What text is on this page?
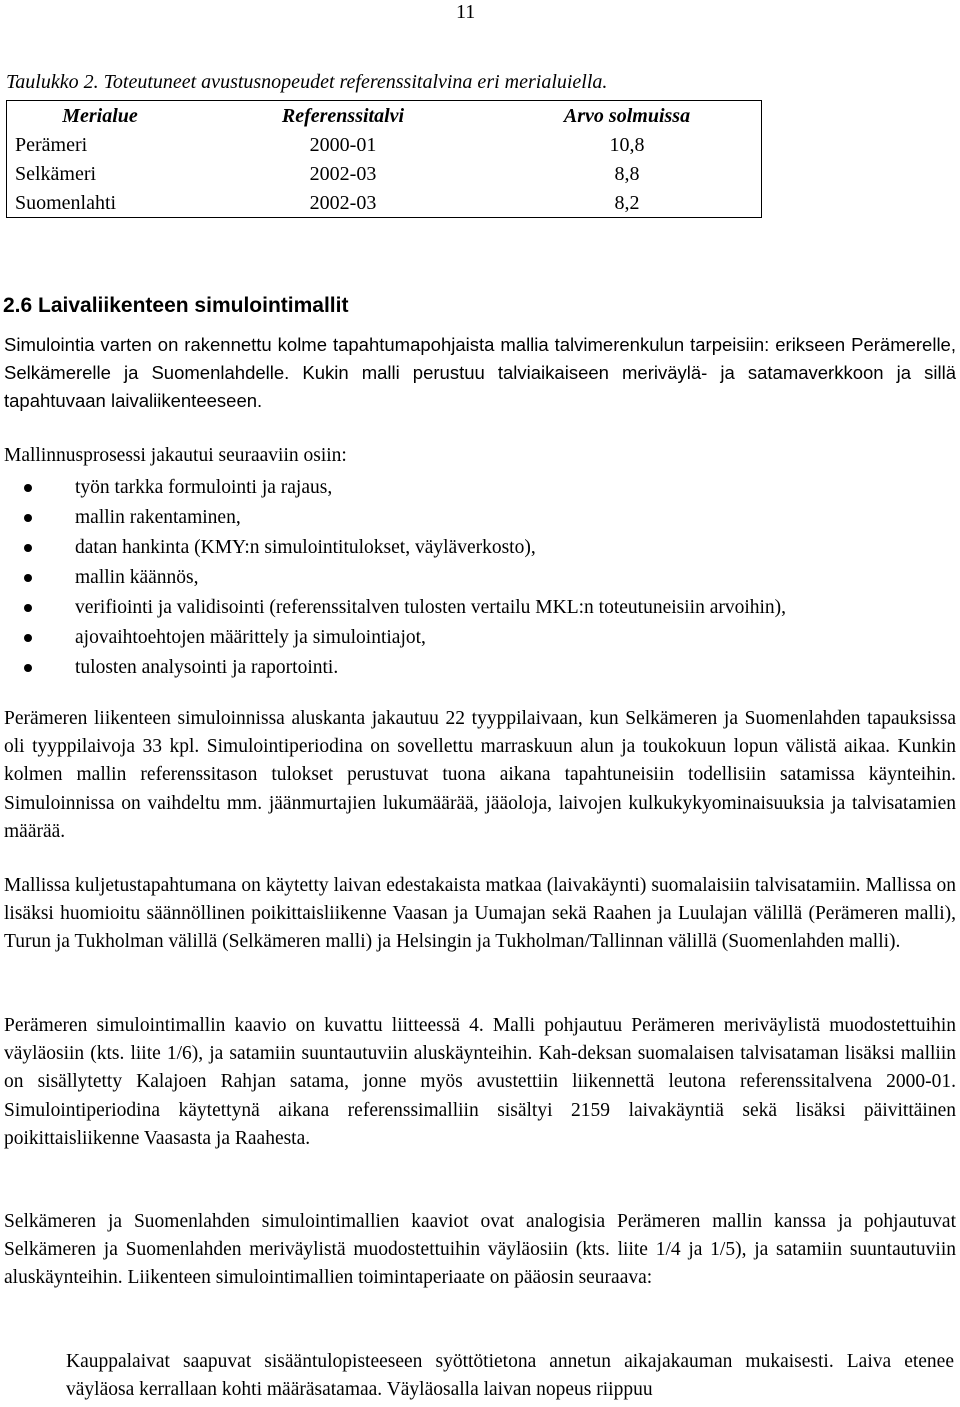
11
Taulukko 2. Toteutuneet avustusnopeudet referenssitalvina eri merialuiella.
Merialue	Referenssitalvi	Arvo solmuissa
Perämeri	2000-01	10,8
Selkämeri	2002-03	8,8
Suomenlahti	2002-03	8,2
2.6 Laivaliikenteen simulointimallit

Simulointia varten on rakennettu kolme tapahtumapohjaista mallia talvimerenkulun tarpeisiin: erikseen Perämerelle, Selkämerelle ja Suomenlahdelle. Kukin malli perustuu talviaikaiseen meriväylä- ja satamaverkkoon ja sillä tapahtuvaan laivaliikenteeseen.

Mallinnusprosessi jakautui seuraaviin osiin:

työn tarkka formulointi ja rajaus,
mallin rakentaminen,
datan hankinta (KMY:n simulointitulokset, väyläverkosto),
mallin käännös,
verifiointi ja validisointi (referenssitalven tulosten vertailu MKL:n toteutuneisiin arvoihin),
ajovaihtoehtojen määrittely ja simulointiajot,
tulosten analysointi ja raportointi.

Perämeren liikenteen simuloinnissa aluskanta jakautuu 22 tyyppilaivaan, kun Selkämeren ja Suomenlahden tapauksissa oli tyyppilaivoja 33 kpl. Simulointiperiodina on sovellettu marraskuun alun ja toukokuun lopun välistä aikaa. Kunkin kolmen mallin referenssitason tulokset perustuvat tuona aikana tapahtuneisiin todellisiin satamissa käynteihin. Simuloinnissa on vaihdeltu mm. jäänmurtajien lukumäärää, jääoloja, laivojen kulkukykyominaisuuksia ja talvisatamien määrää.

Mallissa kuljetustapahtumana on käytetty laivan edestakaista matkaa (laivakäynti) suomalaisiin talvisatamiin. Mallissa on lisäksi huomioitu säännöllinen poikittaisliikenne Vaasan ja Uumajan sekä Raahen ja Luulajan välillä (Perämeren malli), Turun ja Tukholman välillä (Selkämeren malli) ja Helsingin ja Tukholman/Tallinnan välillä (Suomenlahden malli).

Perämeren simulointimallin kaavio on kuvattu liitteessä 4. Malli pohjautuu Perämeren meriväylistä muodostettuihin väyläosiin (kts. liite 1/6), ja satamiin suuntautuviin aluskäynteihin. Kah-deksan suomalaisen talvisataman lisäksi malliin on sisällytetty Kalajoen Rahjan satama, jonne myös avustettiin liikennettä leutona referenssitalvena 2000-01. Simulointiperiodina käytettynä aikana referenssimalliin sisältyi 2159 laivakäyntiä sekä lisäksi päivittäinen poikittaisliikenne Vaasasta ja Raahesta.

Selkämeren ja Suomenlahden simulointimallien kaaviot ovat analogisia Perämeren mallin kanssa ja pohjautuvat Selkämeren ja Suomenlahden meriväylistä muodostettuihin väyläosiin (kts. liite 1/4 ja 1/5), ja satamiin suuntautuviin aluskäynteihin. Liikenteen simulointimallien toimintaperiaate on pääosin seuraava:

Kauppalaivat saapuvat sisääntulopisteeseen syöttötietona annetun aikajakauman mukaisesti. Laiva etenee väyläosa kerrallaan kohti määräsatamaa. Väyläosalla laivan nopeus riippuu
